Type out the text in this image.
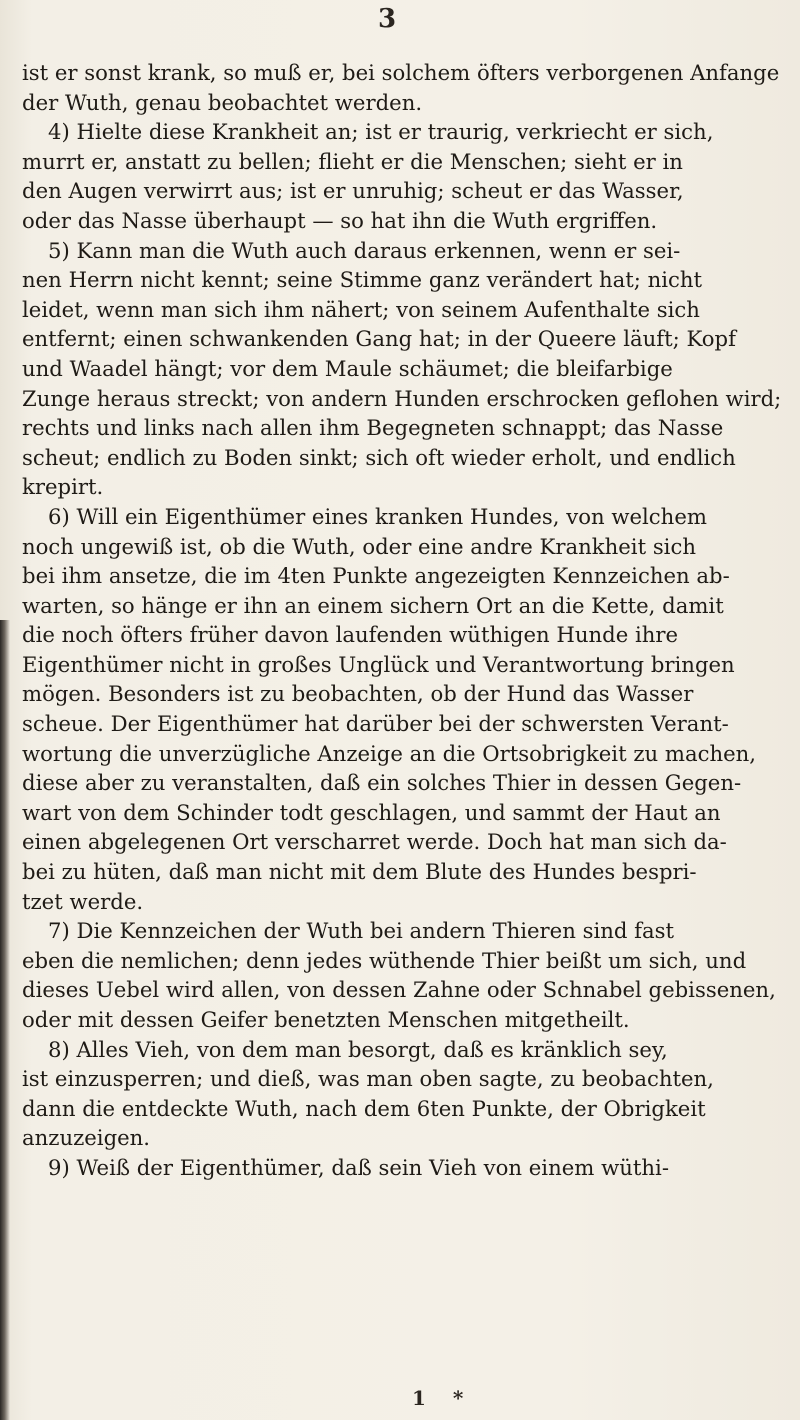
3
ist er sonst krank, so muß er, bei solchem öfters verborgenen Anfange
der Wuth, genau beobachtet werden.
4) Hielte diese Krankheit an; ist er traurig, verkriecht er sich,
murrt er, anstatt zu bellen; flieht er die Menschen; sieht er in
den Augen verwirrt aus; ist er unruhig; scheut er das Wasser,
oder das Nasse überhaupt — so hat ihn die Wuth ergriffen.
5) Kann man die Wuth auch daraus erkennen, wenn er sei-
nen Herrn nicht kennt; seine Stimme ganz verändert hat; nicht
leidet, wenn man sich ihm nähert; von seinem Aufenthalte sich
entfernt; einen schwankenden Gang hat; in der Queere läuft; Kopf
und Waadel hängt; vor dem Maule schäumet; die bleifarbige
Zunge heraus streckt; von andern Hunden erschrocken geflohen wird;
rechts und links nach allen ihm Begegneten schnappt; das Nasse
scheut; endlich zu Boden sinkt; sich oft wieder erholt, und endlich
krepirt.
6) Will ein Eigenthümer eines kranken Hundes, von welchem
noch ungewiß ist, ob die Wuth, oder eine andre Krankheit sich
bei ihm ansetze, die im 4ten Punkte angezeigten Kennzeichen ab-
warten, so hänge er ihn an einem sichern Ort an die Kette, damit
die noch öfters früher davon laufenden wüthigen Hunde ihre
Eigenthümer nicht in großes Unglück und Verantwortung bringen
mögen. Besonders ist zu beobachten, ob der Hund das Wasser
scheue. Der Eigenthümer hat darüber bei der schwersten Verant-
wortung die unverzügliche Anzeige an die Ortsobrigkeit zu machen,
diese aber zu veranstalten, daß ein solches Thier in dessen Gegen-
wart von dem Schinder todt geschlagen, und sammt der Haut an
einen abgelegenen Ort verscharret werde. Doch hat man sich da-
bei zu hüten, daß man nicht mit dem Blute des Hundes bespri-
tzet werde.
7) Die Kennzeichen der Wuth bei andern Thieren sind fast
eben die nemlichen; denn jedes wüthende Thier beißt um sich, und
dieses Uebel wird allen, von dessen Zahne oder Schnabel gebissenen,
oder mit dessen Geifer benetzten Menschen mitgetheilt.
8) Alles Vieh, von dem man besorgt, daß es kränklich sey,
ist einzusperren; und dieß, was man oben sagte, zu beobachten,
dann die entdeckte Wuth, nach dem 6ten Punkte, der Obrigkeit
anzuzeigen.
9) Weiß der Eigenthümer, daß sein Vieh von einem wüthi-
1 *
